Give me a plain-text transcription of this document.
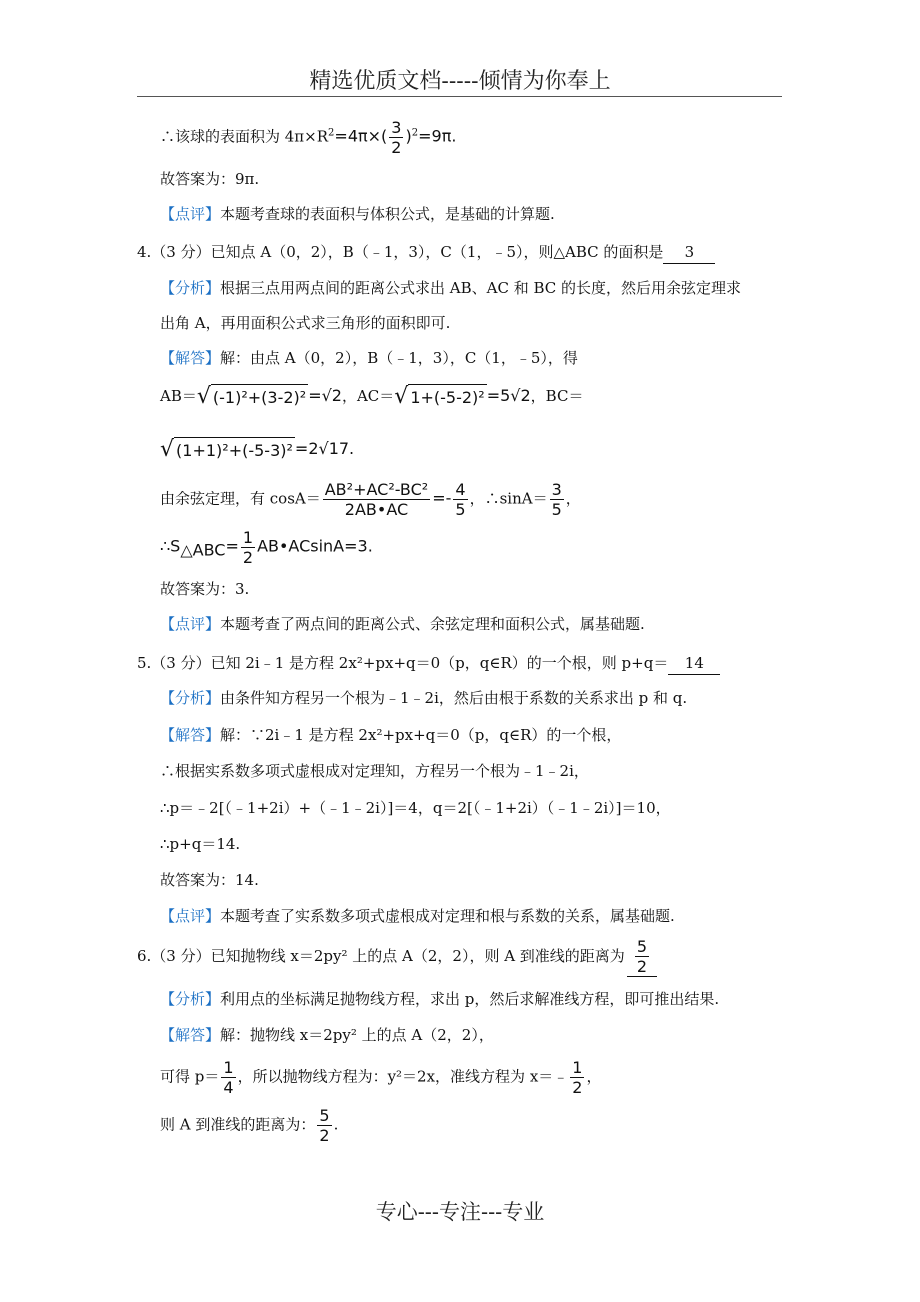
精选优质文档-----倾情为你奉上
∴该球的表面积为 $4\pi\times R^2=4\pi\times( \frac{3}{2} )^2=9\pi$.
故答案为：9π.
【点评】本题考查球的表面积与体积公式，是基础的计算题.
4.（3 分）已知点 A（0，2），B（﹣1，3），C（1，﹣5），则△ABC 的面积是 3
【分析】根据三点用两点间的距离公式求出 AB、AC 和 BC 的长度，然后用余弦定理求
出角 A，再用面积公式求三角形的面积即可.
【解答】解：由点 A（0，2），B（﹣1，3），C（1，﹣5），得
AB＝ √ (-1)²+(3-2)² =√2，AC＝ √ 1+(-5-2)² =5√2，BC＝
√ (1+1)²+(-5-3)² =2√17.
由余弦定理，有 $\cos A= \frac{\text{AB²+AC²-BC²}}{2AB•AC} =- \frac{4}{5}$ ，∴sinA＝ $\frac{3}{5}$ ，
$\therefore S_{\triangle ABC}= \frac{1}{2}$ AB•ACsinA=3.
故答案为：3.
【点评】本题考查了两点间的距离公式、余弦定理和面积公式，属基础题.
5.（3 分）已知 2i﹣1 是方程 2x²+px+q＝0（p，q∈R）的一个根，则 p+q＝ 14
【分析】由条件知方程另一个根为﹣1﹣2i，然后由根于系数的关系求出 p 和 q.
【解答】解：∵2i﹣1 是方程 2x²+px+q＝0（p，q∈R）的一个根，
∴根据实系数多项式虚根成对定理知，方程另一个根为﹣1﹣2i，
∴p＝﹣2[（﹣1+2i）+（﹣1﹣2i）]＝4，q＝2[（﹣1+2i）（﹣1﹣2i）]＝10，
∴p+q＝14.
故答案为：14.
【点评】本题考查了实系数多项式虚根成对定理和根与系数的关系，属基础题.
6.（3 分）已知抛物线 x＝2py² 上的点 A（2，2），则 A 到准线的距离为 $\frac{5}{2}$
【分析】利用点的坐标满足抛物线方程，求出 p，然后求解准线方程，即可推出结果.
【解答】解：抛物线 x＝2py² 上的点 A（2，2），
可得 $p= \frac{1}{4}$ ，所以抛物线方程为：y²＝2x，准线方程为 x＝﹣ $\frac{1}{2}$ ，
则 A 到准线的距离为： $\frac{5}{2}$ .
专心---专注---专业
